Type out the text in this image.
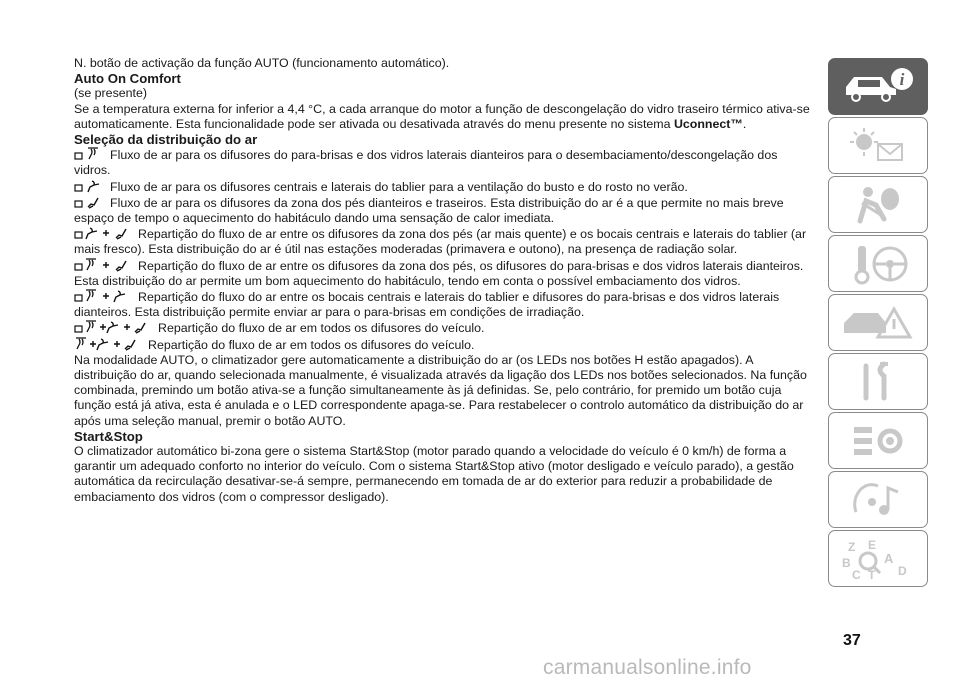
N. botão de activação da função AUTO (funcionamento automático).

Auto On Comfort

(se presente)

Se a temperatura externa for inferior a 4,4 °C, a cada arranque do motor a função de descongelação do vidro traseiro térmico ativa-se automaticamente. Esta funcionalidade pode ser ativada ou desativada através do menu presente no sistema Uconnect™.

Seleção da distribuição do ar

Fluxo de ar para os difusores do para-brisas e dos vidros laterais dianteiros para o desembaciamento/descongelação dos vidros.

Fluxo de ar para os difusores centrais e laterais do tablier para a ventilação do busto e do rosto no verão.

Fluxo de ar para os difusores da zona dos pés dianteiros e traseiros. Esta distribuição do ar é a que permite no mais breve espaço de tempo o aquecimento do habitáculo dando uma sensação de calor imediata.

Repartição do fluxo de ar entre os difusores da zona dos pés (ar mais quente) e os bocais centrais e laterais do tablier (ar mais fresco). Esta distribuição do ar é útil nas estações moderadas (primavera e outono), na presença de radiação solar.

Repartição do fluxo de ar entre os difusores da zona dos pés, os difusores do para-brisas e dos vidros laterais dianteiros. Esta distribuição do ar permite um bom aquecimento do habitáculo, tendo em conta o possível embaciamento dos vidros.

Repartição do fluxo do ar entre os bocais centrais e laterais do tablier e difusores do para-brisas e dos vidros laterais dianteiros. Esta distribuição permite enviar ar para o para-brisas em condições de irradiação.

Repartição do fluxo de ar em todos os difusores do veículo.

Repartição do fluxo de ar em todos os difusores do veículo.

Na modalidade AUTO, o climatizador gere automaticamente a distribuição do ar (os LEDs nos botões H estão apagados). A distribuição do ar, quando selecionada manualmente, é visualizada através da ligação dos LEDs nos botões selecionados. Na função combinada, premindo um botão ativa-se a função simultaneamente às já definidas. Se, pelo contrário, for premido um botão cuja função está já ativa, esta é anulada e o LED correspondente apaga-se. Para restabelecer o controlo automático da distribuição do ar após uma seleção manual, premir o botão AUTO.

Start&Stop

O climatizador automático bi-zona gere o sistema Start&Stop (motor parado quando a velocidade do veículo é 0 km/h) de forma a garantir um adequado conforto no interior do veículo. Com o sistema Start&Stop ativo (motor desligado e veículo parado), a gestão automática da recirculação desativar-se-á sempre, permanecendo em tomada de ar do exterior para reduzir a probabilidade de embaciamento dos vidros (com o compressor desligado).

i
Z E
B	A
C T D
37
carmanualsonline.info
